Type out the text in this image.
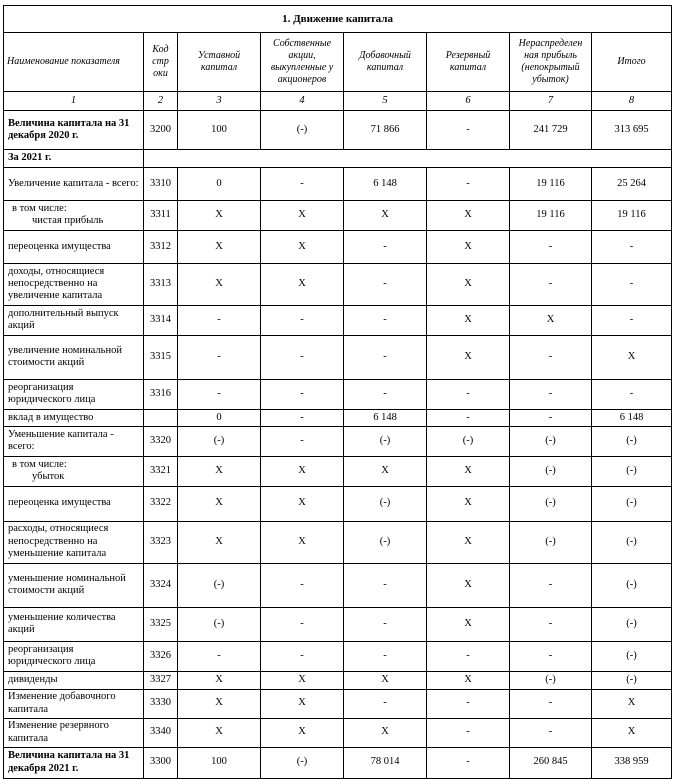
1. Движение капитала							
Наименование показателя	Код стр оки	Уставной капитал	Собственные акции, выкупленные у акционеров	Добавочный капитал	Резервный капитал	Нераспределен ная прибыль (непокрытый убыток)	Итого
1	2	3	4	5	6	7	8
Величина капитала на 31 декабря 2020 г.	3200	100	(-)	71 866	-	241 729	313 695
За 2021 г.							
Увеличение капитала - всего:	3310	0	-	6 148	-	19 116	25 264

в том числе:
чистая прибыль	3311	X	X	X	X	19 116	19 116
переоценка имущества	3312	X	X	-	X	-	-
доходы, относящиеся непосредственно на увеличение капитала	3313	X	X	-	X	-	-
дополнительный выпуск акций	3314	-	-	-	X	X	-
увеличение номинальной стоимости акций	3315	-	-	-	X	-	X
реорганизация юридического лица	3316	-	-	-	-	-	-
вклад в имущество		0	-	6 148	-	-	6 148
Уменьшение капитала - всего:	3320	(-)	-	(-)	(-)	(-)	(-)

в том числе:
убыток	3321	X	X	X	X	(-)	(-)
переоценка имущества	3322	X	X	(-)	X	(-)	(-)
расходы, относящиеся непосредственно на уменьшение капитала	3323	X	X	(-)	X	(-)	(-)
уменьшение номинальной стоимости акций	3324	(-)	-	-	X	-	(-)
уменьшение количества акций	3325	(-)	-	-	X	-	(-)
реорганизация юридического лица	3326	-	-	-	-	-	(-)
дивиденды	3327	X	X	X	X	(-)	(-)
Изменение добавочного капитала	3330	X	X	-	-	-	X
Изменение резервного капитала	3340	X	X	X	-	-	X
Величина капитала на 31 декабря 2021 г.	3300	100	(-)	78 014	-	260 845	338 959
